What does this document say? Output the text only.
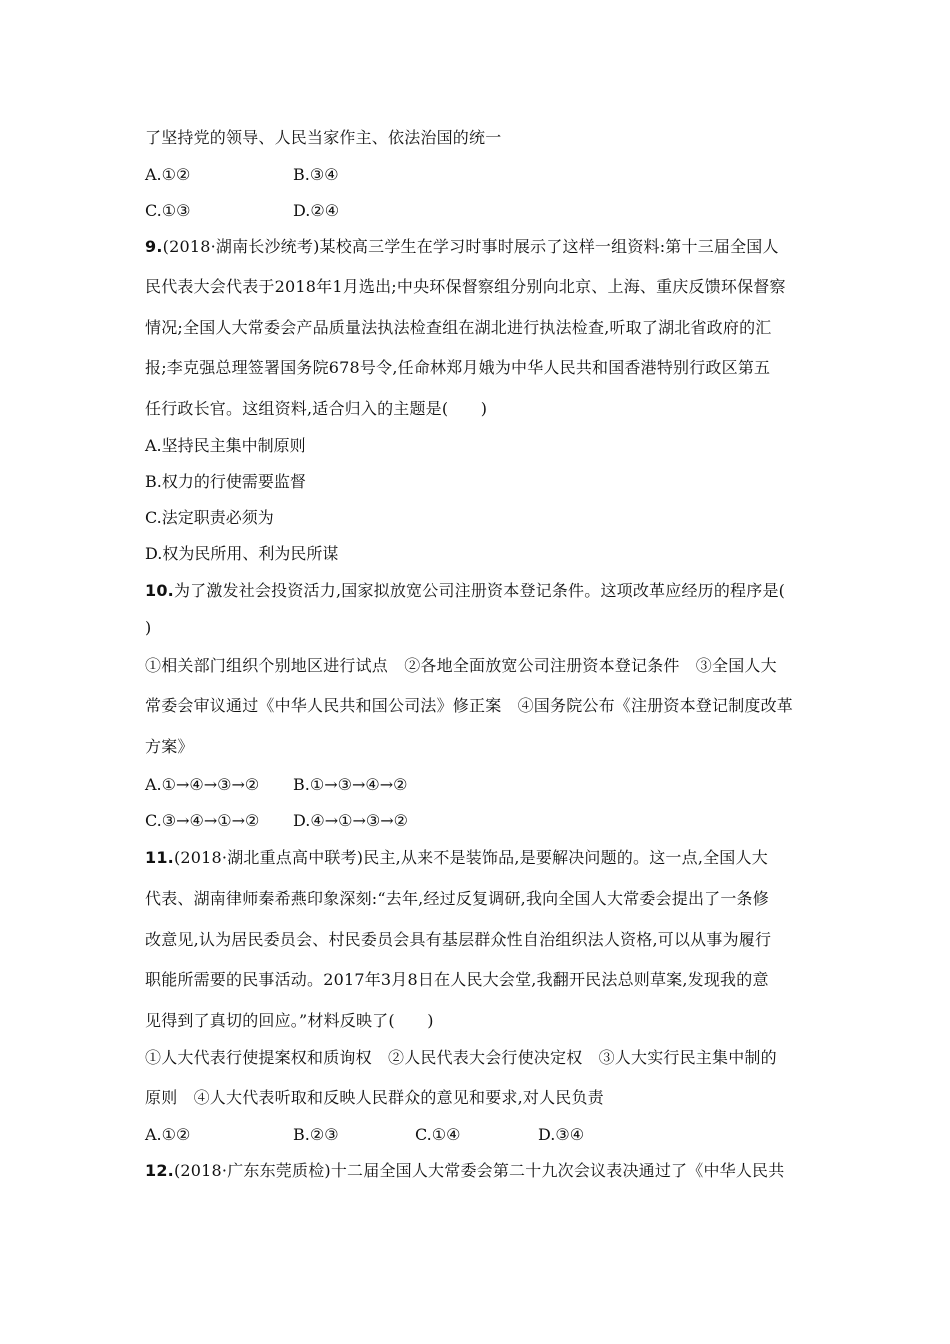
了坚持党的领导、人民当家作主、依法治国的统一
A.①②	B.③④
C.①③	D.②④
9.(2018·湖南长沙统考)某校高三学生在学习时事时展示了这样一组资料:第十三届全国人
民代表大会代表于2018年1月选出;中央环保督察组分别向北京、上海、重庆反馈环保督察
情况;全国人大常委会产品质量法执法检查组在湖北进行执法检查,听取了湖北省政府的汇
报;李克强总理签署国务院678号令,任命林郑月娥为中华人民共和国香港特别行政区第五
任行政长官。这组资料,适合归入的主题是(　　)
A.坚持民主集中制原则
B.权力的行使需要监督
C.法定职责必须为
D.权为民所用、利为民所谋
10.为了激发社会投资活力,国家拟放宽公司注册资本登记条件。这项改革应经历的程序是(
)
①相关部门组织个别地区进行试点　②各地全面放宽公司注册资本登记条件　③全国人大
常委会审议通过《中华人民共和国公司法》修正案　④国务院公布《注册资本登记制度改革
方案》
A.①→④→③→② B.①→③→④→②
C.③→④→①→② D.④→①→③→②
11.(2018·湖北重点高中联考)民主,从来不是装饰品,是要解决问题的。这一点,全国人大
代表、湖南律师秦希燕印象深刻:“去年,经过反复调研,我向全国人大常委会提出了一条修
改意见,认为居民委员会、村民委员会具有基层群众性自治组织法人资格,可以从事为履行
职能所需要的民事活动。2017年3月8日在人民大会堂,我翻开民法总则草案,发现我的意
见得到了真切的回应。”材料反映了(　　)
①人大代表行使提案权和质询权　②人民代表大会行使决定权　③人大实行民主集中制的
原则　④人大代表听取和反映人民群众的意见和要求,对人民负责
A.①②	B.②③	C.①④	D.③④
12.(2018·广东东莞质检)十二届全国人大常委会第二十九次会议表决通过了《中华人民共
